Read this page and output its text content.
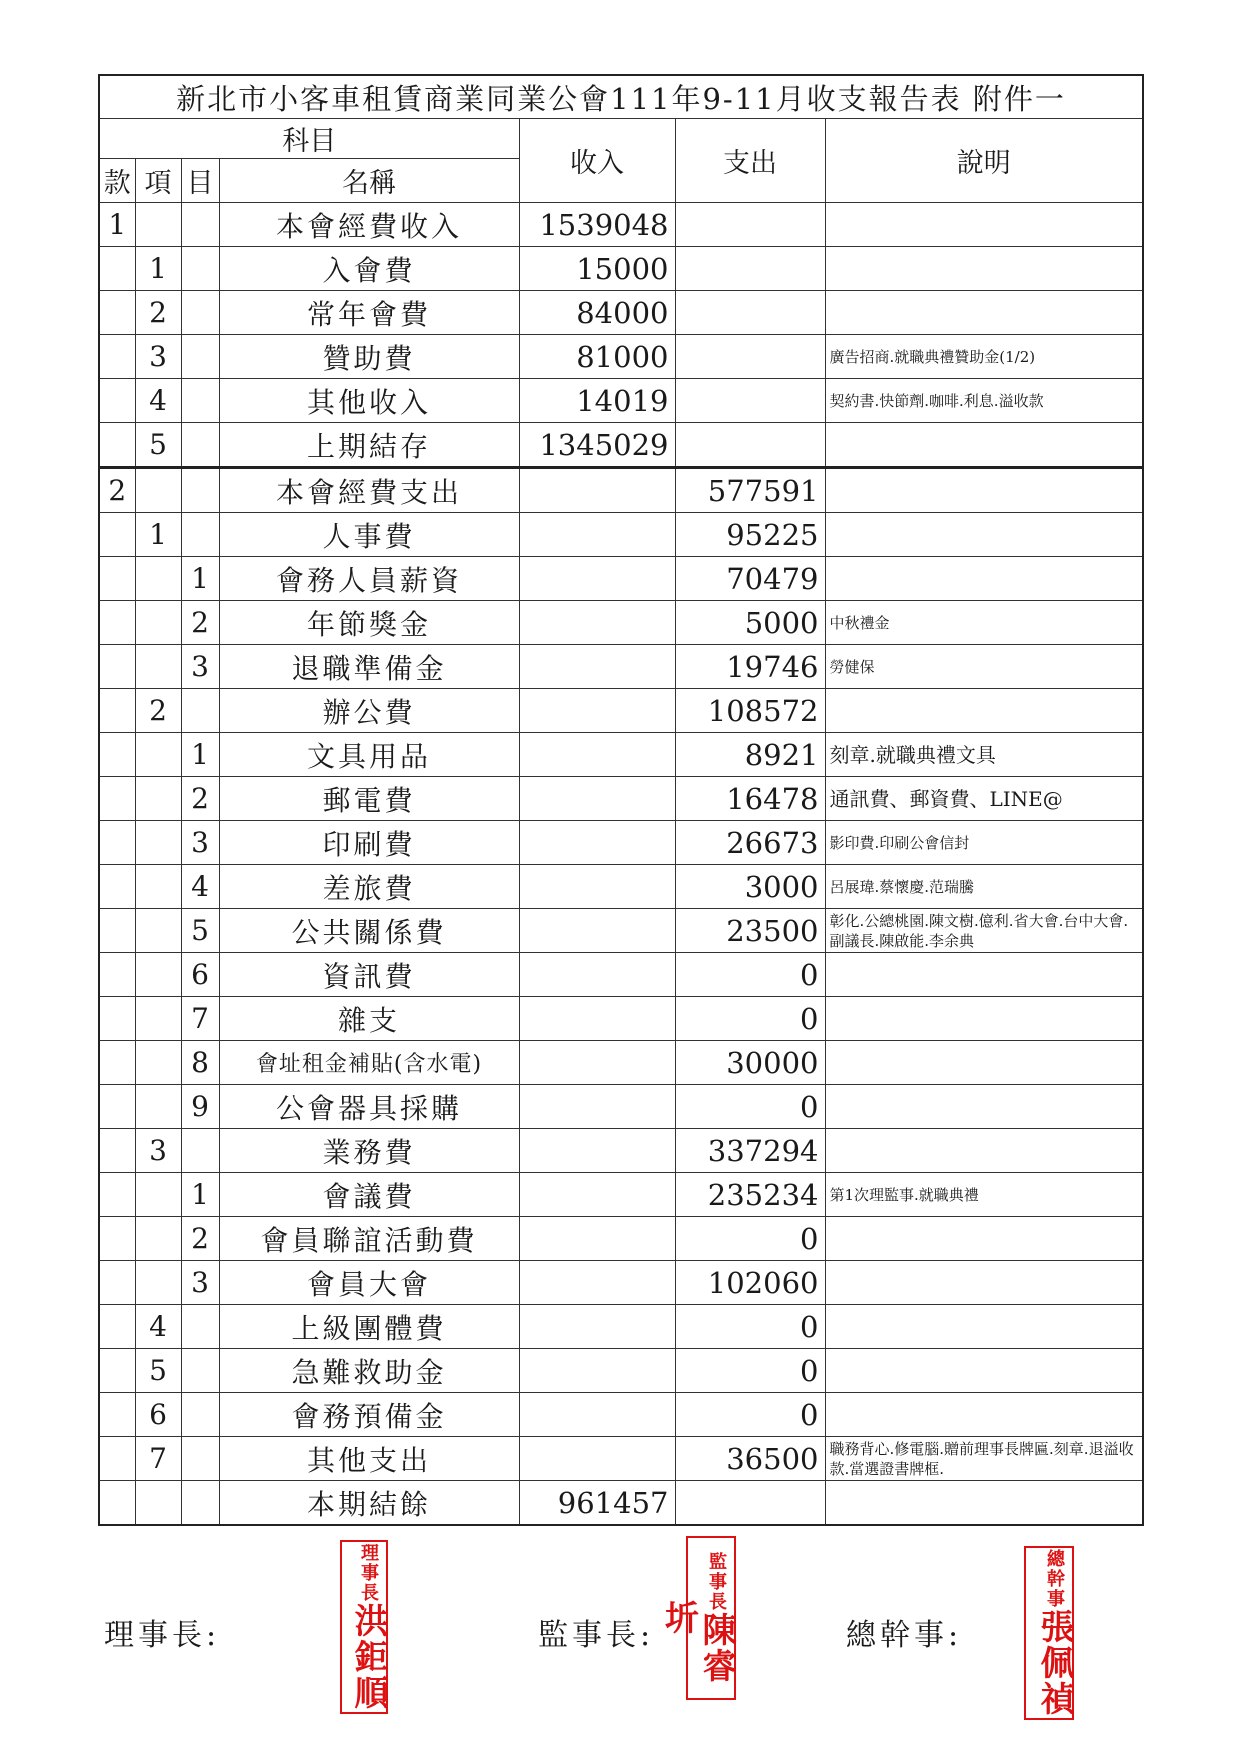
新北市小客車租賃商業同業公會111年9-11月收支報告表 附件一						
科目				收入	支出	說明
款	項	目	名稱			
1			本會經費收入	1539048		
	1		入會費	15000		
	2		常年會費	84000		
	3		贊助費	81000		廣告招商.就職典禮贊助金(1/2)
	4		其他收入	14019		契約書.快節劑.咖啡.利息.溢收款
	5		上期結存	1345029		
2			本會經費支出		577591	
	1		人事費		95225	
		1	會務人員薪資		70479	
		2	年節獎金		5000	中秋禮金
		3	退職準備金		19746	勞健保
	2		辦公費		108572	
		1	文具用品		8921	刻章.就職典禮文具
		2	郵電費		16478	通訊費、郵資費、LINE@
		3	印刷費		26673	影印費.印刷公會信封
		4	差旅費		3000	呂展瑋.蔡懷慶.范瑞騰
		5	公共關係費		23500	彰化.公總桃園.陳文樹.億利.省大會.台中大會.副議長.陳啟能.李余典
		6	資訊費		0	
		7	雜支		0	
		8	會址租金補貼(含水電)		30000	
		9	公會器具採購		0	
	3		業務費		337294	
		1	會議費		235234	第1次理監事.就職典禮
		2	會員聯誼活動費		0	
		3	會員大會		102060	
	4		上級團體費		0	
	5		急難救助金		0	
	6		會務預備金		0	
	7		其他支出		36500	職務背心.修電腦.贈前理事長牌匾.刻章.退溢收款.當選證書牌框.
			本期結餘	961457		
理事長:	監事長:	總幹事:
理事長洪鉅順
監事長陳睿圻
總幹事張佩禎
